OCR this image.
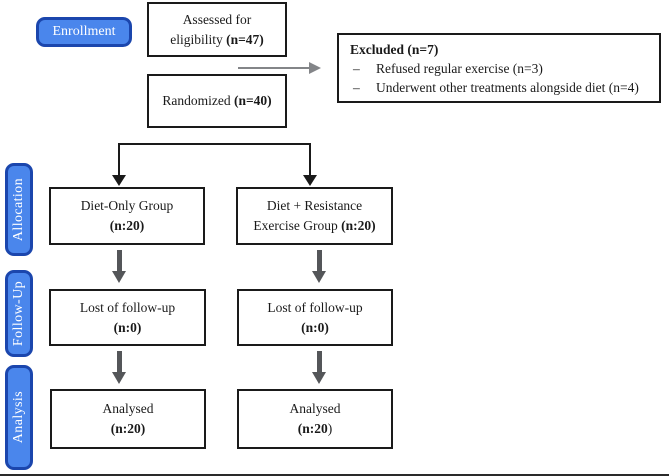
Enrollment
Allocation
Follow-Up
Analysis
Assessed for
eligibility (n=47)
Randomized (n=40)
Excluded (n=7)
–	Refused regular exercise (n=3)
–	Underwent other treatments alongside diet (n=4)
Diet-Only Group
(n:20)
Diet + Resistance
Exercise Group (n:20)
Lost of follow-up
(n:0)
Lost of follow-up
(n:0)
Analysed
(n:20)
Analysed
(n:20)
